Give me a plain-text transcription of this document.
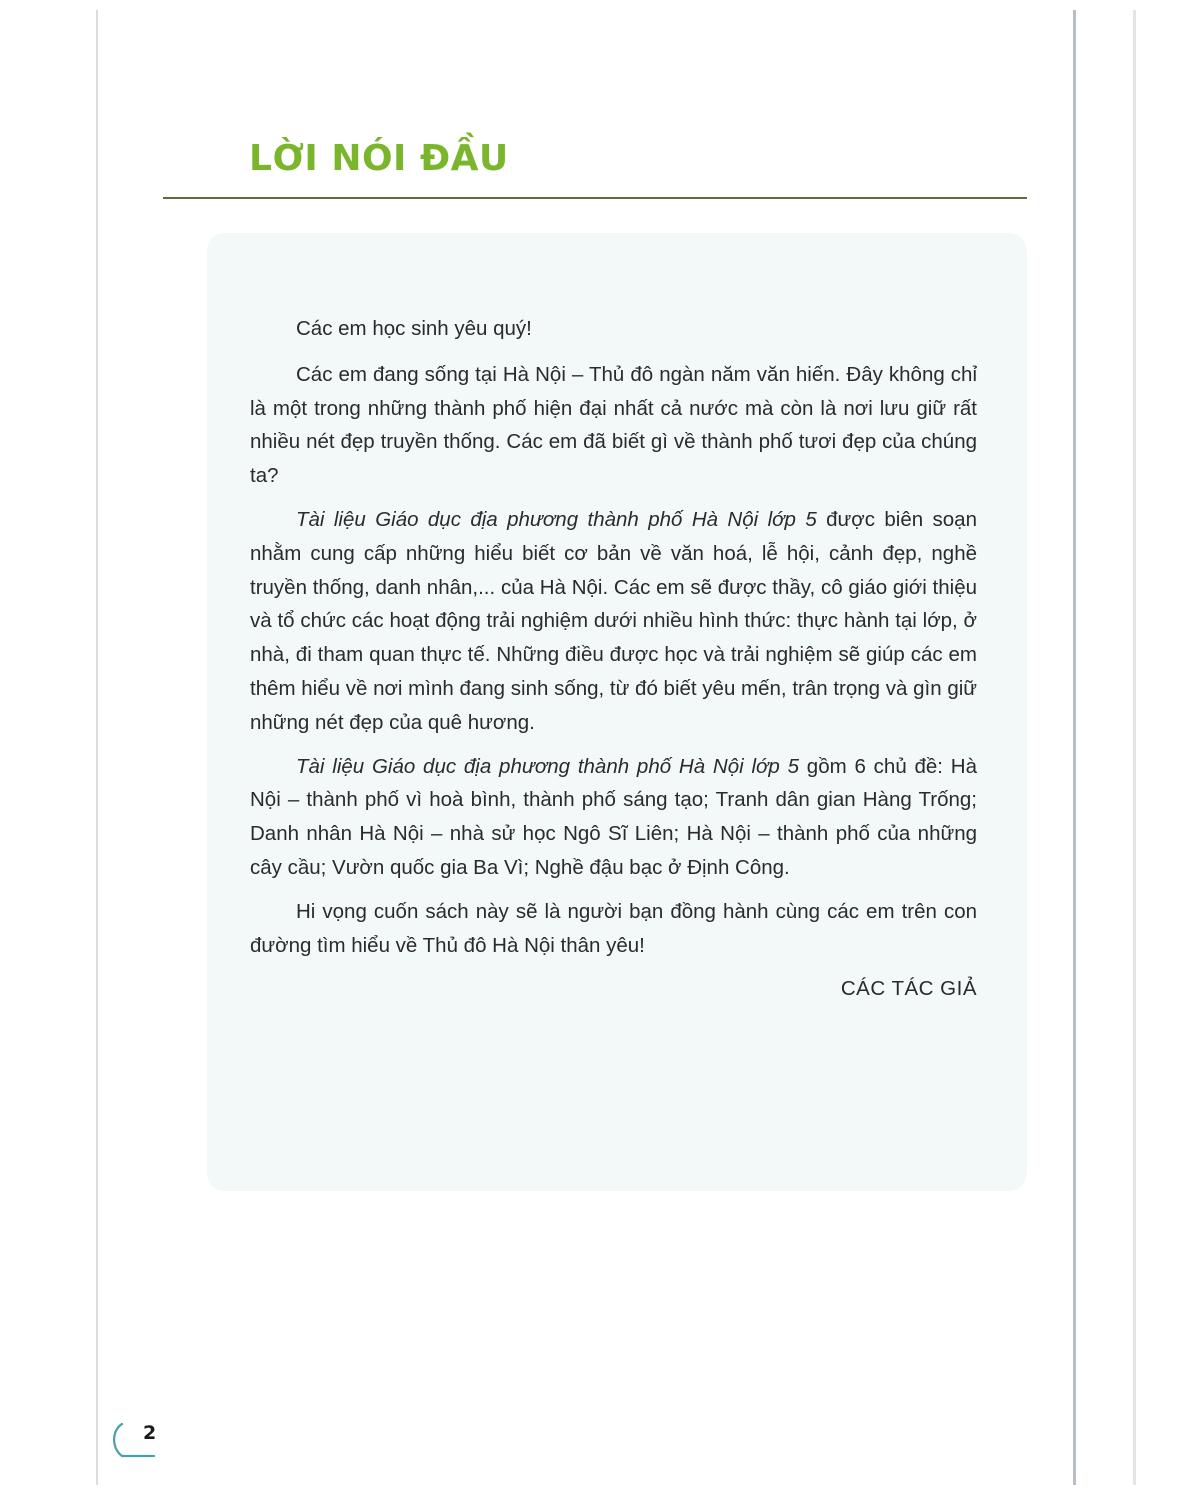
LỜI NÓI ĐẦU

Các em học sinh yêu quý!

Các em đang sống tại Hà Nội – Thủ đô ngàn năm văn hiến. Đây không chỉ là một trong những thành phố hiện đại nhất cả nước mà còn là nơi lưu giữ rất nhiều nét đẹp truyền thống. Các em đã biết gì về thành phố tươi đẹp của chúng ta?

Tài liệu Giáo dục địa phương thành phố Hà Nội lớp 5 được biên soạn nhằm cung cấp những hiểu biết cơ bản về văn hoá, lễ hội, cảnh đẹp, nghề truyền thống, danh nhân,... của Hà Nội. Các em sẽ được thầy, cô giáo giới thiệu và tổ chức các hoạt động trải nghiệm dưới nhiều hình thức: thực hành tại lớp, ở nhà, đi tham quan thực tế. Những điều được học và trải nghiệm sẽ giúp các em thêm hiểu về nơi mình đang sinh sống, từ đó biết yêu mến, trân trọng và gìn giữ những nét đẹp của quê hương.

Tài liệu Giáo dục địa phương thành phố Hà Nội lớp 5 gồm 6 chủ đề: Hà Nội – thành phố vì hoà bình, thành phố sáng tạo; Tranh dân gian Hàng Trống; Danh nhân Hà Nội – nhà sử học Ngô Sĩ Liên; Hà Nội – thành phố của những cây cầu; Vườn quốc gia Ba Vì; Nghề đậu bạc ở Định Công.

Hi vọng cuốn sách này sẽ là người bạn đồng hành cùng các em trên con đường tìm hiểu về Thủ đô Hà Nội thân yêu!

CÁC TÁC GIẢ

2
